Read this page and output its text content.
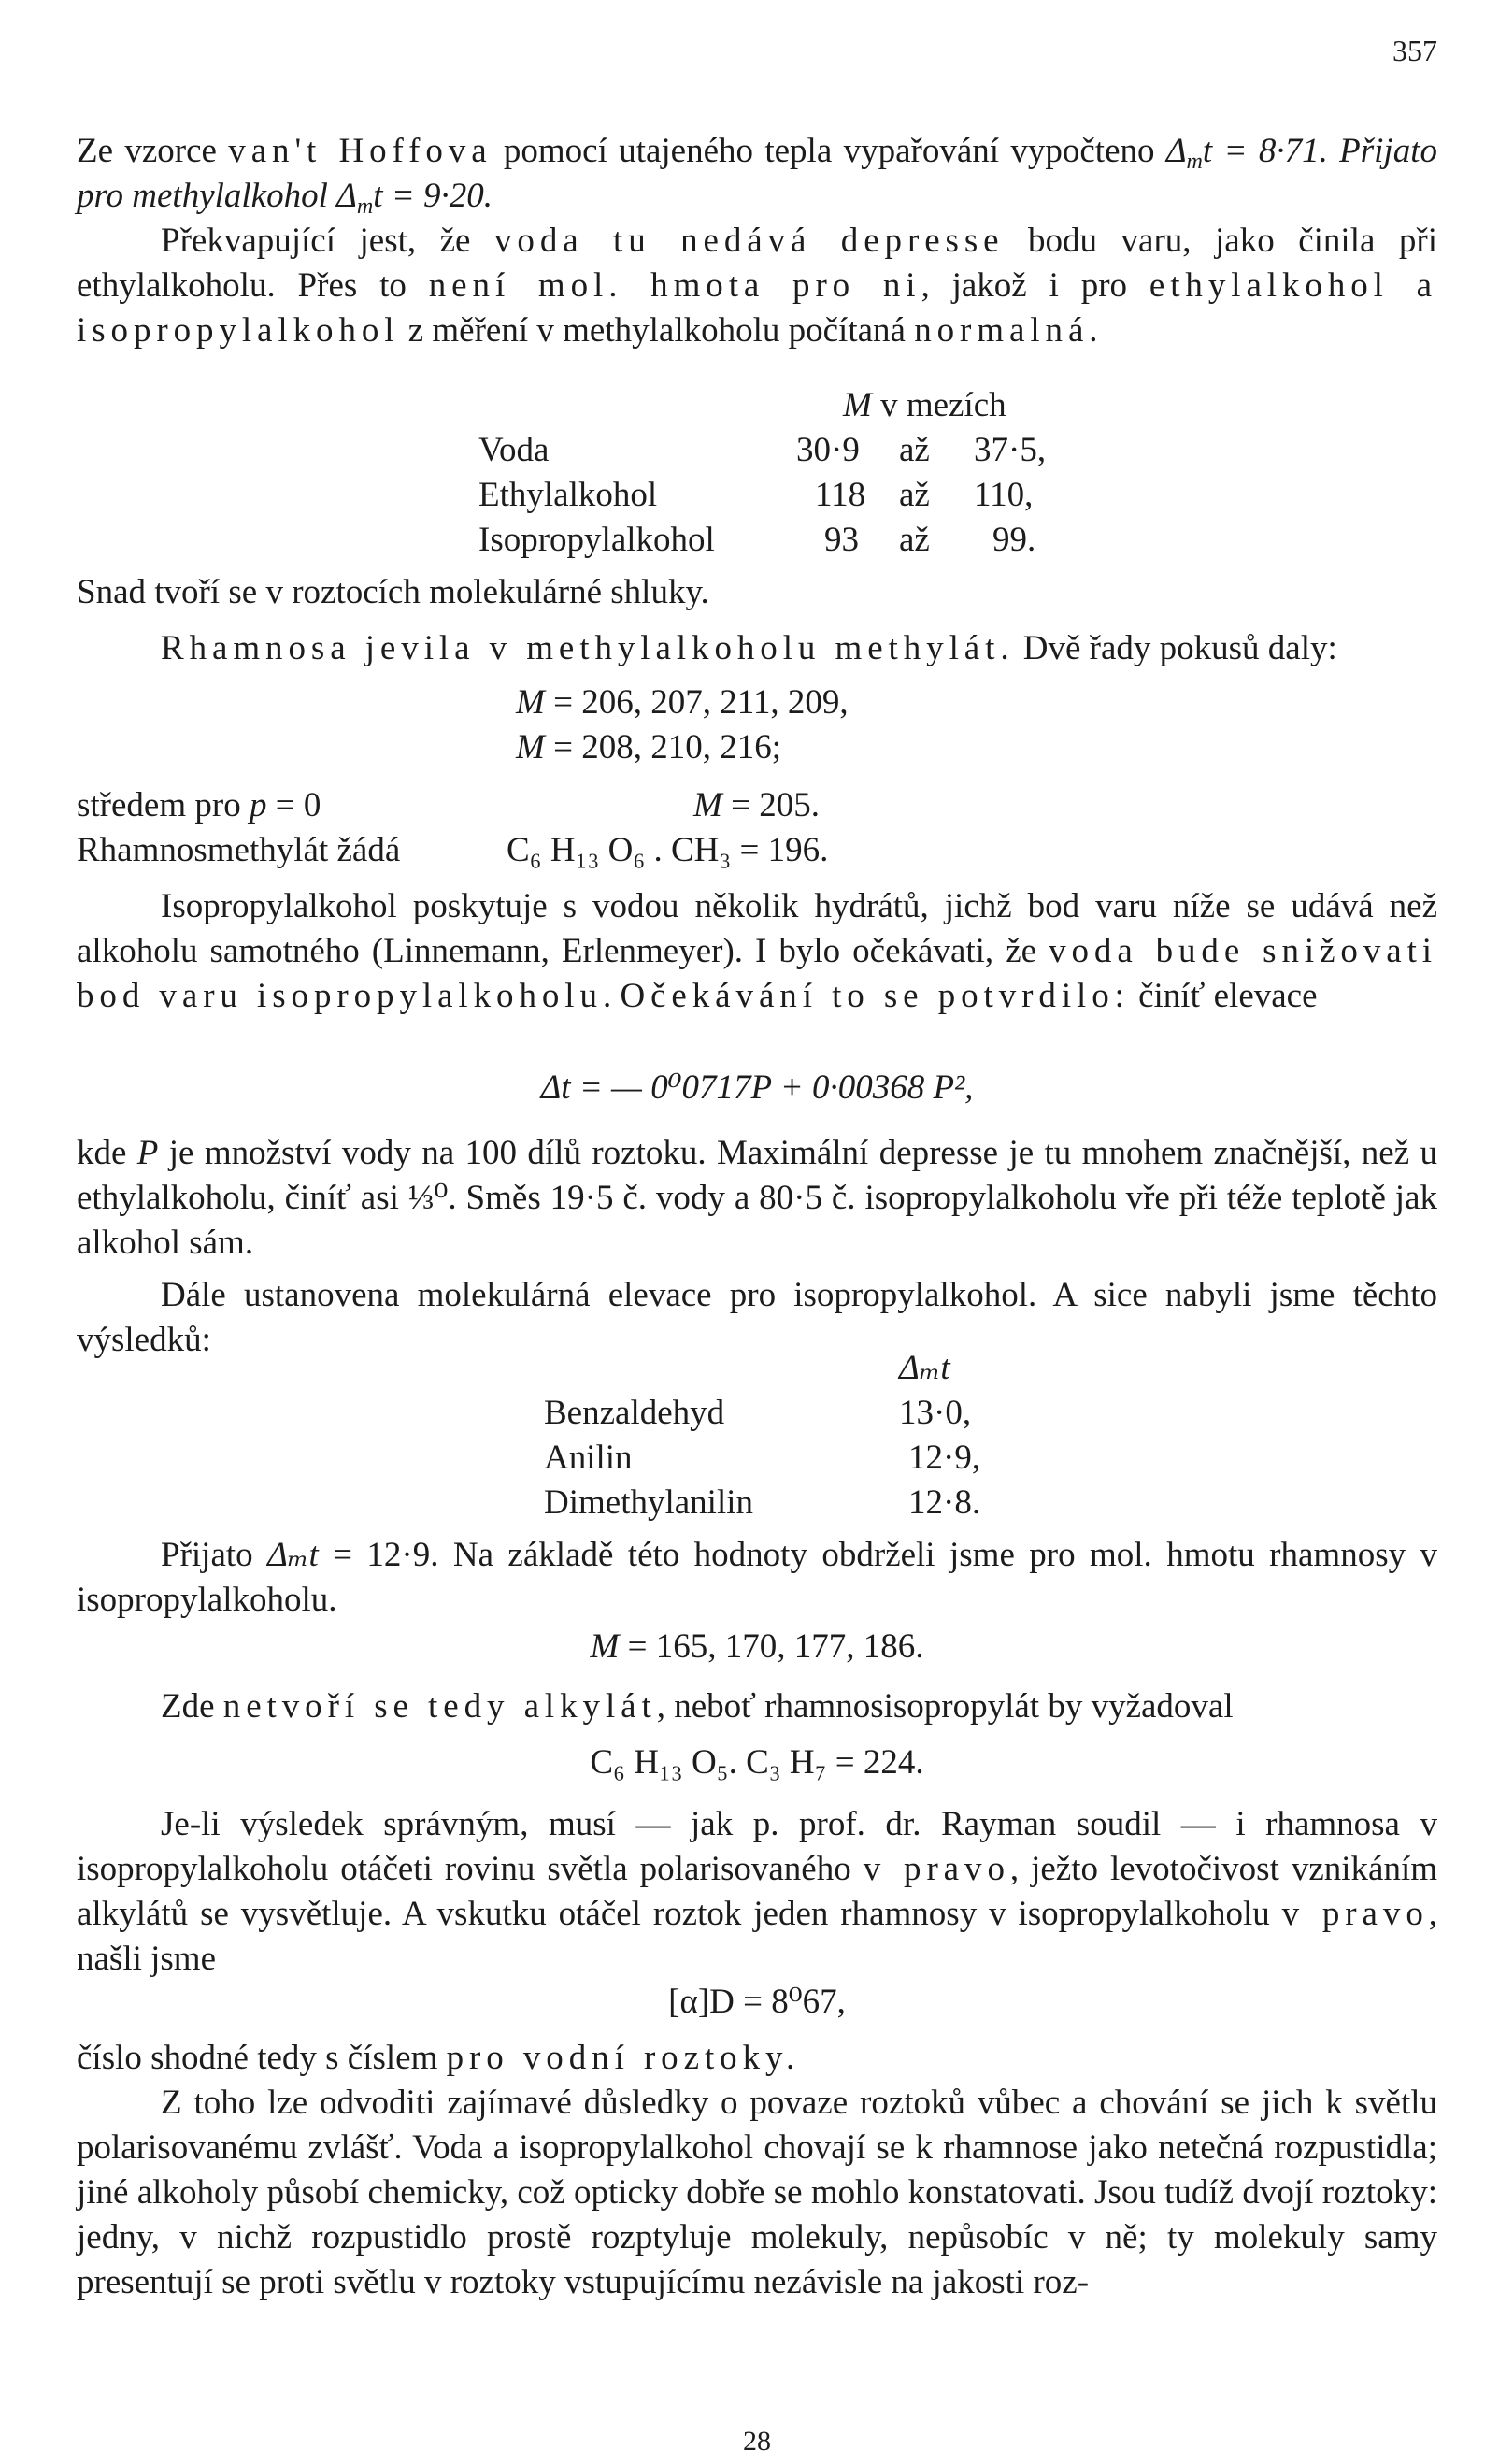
357

Ze vzorce van't Hoffova pomocí utajeného tepla vypařování vypočteno $\Delta_mt = 8\cdot 71$. Přijato pro methylalkohol $\Delta_mt = 9\cdot 20$.

Překvapující jest, že voda tu nedává depresse bodu varu, jako činila při ethylalkoholu. Přes to není mol. hmota pro ni, jakož i pro ethylalkohol a isopropylalkohol z měření v methylalkoholu počítaná normalná.

M v mezích
Voda	30·9 až 37·5,
Ethylalkohol	118 až 110,
Isopropylalkohol	93 až 99.

Snad tvoří se v roztocích molekulárné shluky.

Rhamnosa jevila v methylalkoholu methylát. Dvě řady pokusů daly:

M = 206, 207, 211, 209,
M = 208, 210, 216;
středem pro p = 0	M = 205.
Rhamnosmethylát žádá	C₆ H₁₃ O₆ . CH₃ = 196.

Isopropylalkohol poskytuje s vodou několik hydrátů, jichž bod varu níže se udává než alkoholu samotného (Linnemann, Erlenmeyer). I bylo očekávati, že voda bude snižovati bod varu isopropylalkoholu. Očekávání to se potvrdilo: činíť elevace

Δt = — 0⁰0717P + 0·00368 P²,

kde P je množství vody na 100 dílů roztoku. Maximální depresse je tu mnohem značnější, než u ethylalkoholu, činíť asi ⅓⁰. Směs 19·5 č. vody a 80·5 č. isopropylalkoholu vře při téže teplotě jak alkohol sám.

Dále ustanovena molekulárná elevace pro isopropylalkohol. A sice nabyli jsme těchto výsledků:

Δₘt
Benzaldehyd	13·0,
Anilin	12·9,
Dimethylanilin	12·8.

Přijato Δₘt = 12·9. Na základě této hodnoty obdrželi jsme pro mol. hmotu rhamnosy v isopropylalkoholu.

M = 165, 170, 177, 186.

Zde netvoří se tedy alkylát, neboť rhamnosisopropylát by vyžadoval

C₆ H₁₃ O₅. C₃ H₇ = 224.

Je-li výsledek správným, musí — jak p. prof. dr. Rayman soudil — i rhamnosa v isopropylalkoholu otáčeti rovinu světla polarisovaného v pravo, ježto levotočivost vznikáním alkylátů se vysvětluje. A vskutku otáčel roztok jeden rhamnosy v isopropylalkoholu v pravo, našli jsme

[α]D = 8⁰67,

číslo shodné tedy s číslem pro vodní roztoky.

Z toho lze odvoditi zajímavé důsledky o povaze roztoků vůbec a chování se jich k světlu polarisovanému zvlášť. Voda a isopropylalkohol chovají se k rhamnose jako netečná rozpustidla; jiné alkoholy působí chemicky, což opticky dobře se mohlo konstatovati. Jsou tudíž dvojí roztoky: jedny, v nichž rozpustidlo prostě rozptyluje molekuly, nepůsobíc v ně; ty molekuly samy presentují se proti světlu v roztoky vstupujícímu nezávisle na jakosti roz-

28
